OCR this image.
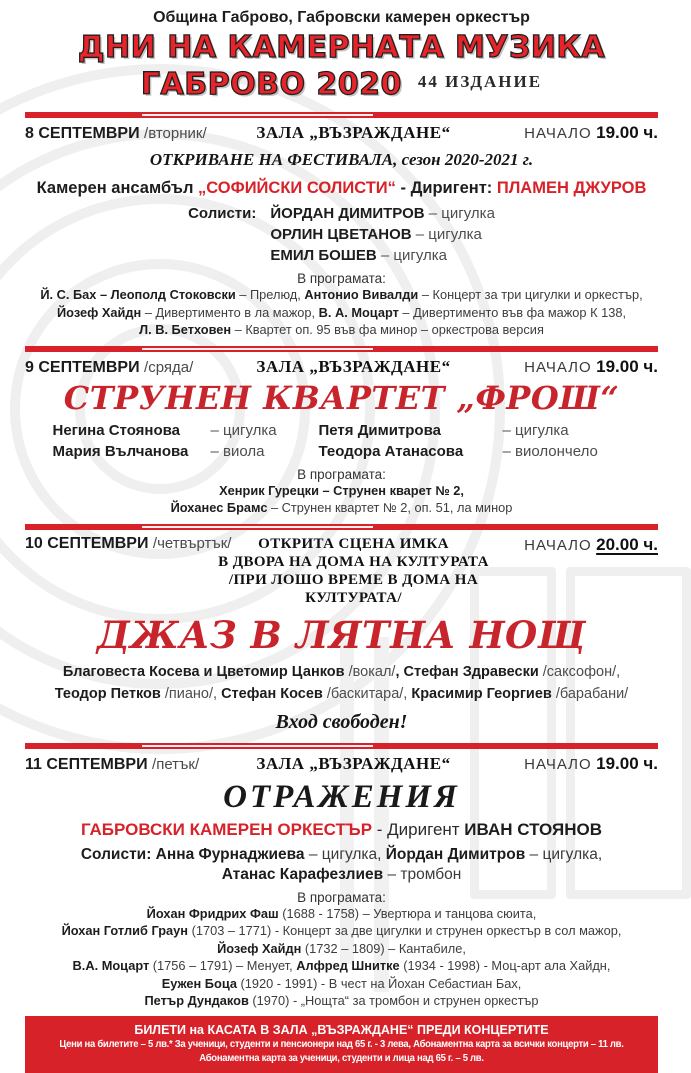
Община Габрово, Габровски камерен оркестър
ДНИ НА КАМЕРНАТА МУЗИКА
ГАБРОВО 2020 44 ИЗДАНИЕ
8 СЕПТЕМВРИ /вторник/	ЗАЛА „ВЪЗРАЖДАНЕ“	НАЧАЛО 19.00 ч.
ОТКРИВАНЕ НА ФЕСТИВАЛА, сезон 2020-2021 г.

Камерен ансамбъл „СОФИЙСКИ СОЛИСТИ“ - Диригент: ПЛАМЕН ДЖУРОВ

Солисти: ЙОРДАН ДИМИТРОВ – цигулка
ОРЛИН ЦВЕТАНОВ – цигулка
ЕМИЛ БОШЕВ – цигулка
В програмата:

Й. С. Бах – Леополд Стоковски – Прелюд, Антонио Вивалди – Концерт за три цигулки и оркестър,

Йозеф Хайдн – Дивертименто в ла мажор, В. А. Моцарт – Дивертименто във фа мажор К 138,

Л. В. Бетховен – Квартет оп. 95 във фа минор – оркестрова версия

9 СЕПТЕМВРИ /сряда/	ЗАЛА „ВЪЗРАЖДАНЕ“	НАЧАЛО 19.00 ч.
СТРУНЕН КВАРТЕТ „ФРОШ“
Негина Стоянова	– цигулка	Петя Димитрова	– цигулка
Мария Вълчанова	– виола	Теодора Атанасова	– виолончело
В програмата:

Хенрик Гурецки – Струнен кварет № 2,

Йоханес Брамс – Струнен квартет № 2, оп. 51, ла минор

10 СЕПТЕМВРИ /четвъртък/	ОТКРИТА СЦЕНА ИМКА
В ДВОРА НА ДОМА НА КУЛТУРАТА
/ПРИ ЛОШО ВРЕМЕ В ДОМА НА КУЛТУРАТА/
НАЧАЛО 20.00 ч.
ДЖАЗ В ЛЯТНА НОЩ

Благовеста Косева и Цветомир Цанков /вокал/, Стефан Здравески /саксофон/,

Теодор Петков /пиано/, Стефан Косев /баскитара/, Красимир Георгиев /барабани/

Вход свободен!
11 СЕПТЕМВРИ /петък/	ЗАЛА „ВЪЗРАЖДАНЕ“	НАЧАЛО 19.00 ч.
ОТРАЖЕНИЯ

ГАБРОВСКИ КАМЕРЕН ОРКЕСТЪР - Диригент ИВАН СТОЯНОВ

Солисти: Анна Фурнаджиева – цигулка, Йордан Димитров – цигулка,

Атанас Карафезлиев – тромбон

В програмата:

Йохан Фридрих Фаш (1688 - 1758) – Увертюра и танцова сюита,

Йохан Готлиб Граун (1703 – 1771) - Концерт за две цигулки и струнен оркестър в сол мажор,

Йозеф Хайдн (1732 – 1809) – Кантабиле,

В.А. Моцарт (1756 – 1791) – Менует, Алфред Шнитке (1934 - 1998) - Моц-арт ала Хайдн,

Еужен Боца (1920 - 1991) - В чест на Йохан Себастиан Бах,

Петър Дундаков (1970) - „Нощта“ за тромбон и струнен оркестър

БИЛЕТИ на КАСАТА В ЗАЛА „ВЪЗРАЖДАНЕ“ ПРЕДИ КОНЦЕРТИТЕ
Цени на билетите – 5 лв.* За ученици, студенти и пенсионери над 65 г. - 3 лева, Абонаментна карта за всички концерти – 11 лв.
Абонаментна карта за ученици, студенти и лица над 65 г. – 5 лв.
